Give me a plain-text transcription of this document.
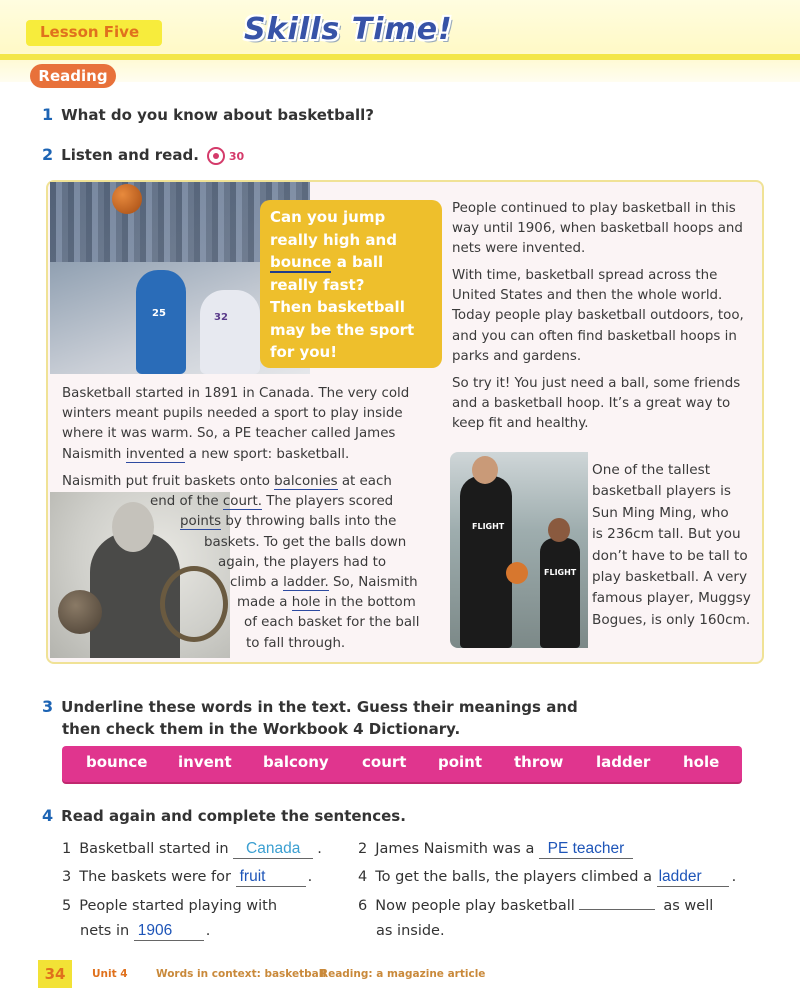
Lesson Five	Skills Time!
Reading
1 What do you know about basketball?
2 Listen and read.	30
25	32
Can you jump
really high and
bounce a ball
really fast?
Then basketball
may be the sport
for you!
Basketball started in 1891 in Canada. The very cold
winters meant pupils needed a sport to play inside
where it was warm. So, a PE teacher called James
Naismith invented a new sport: basketball.
Naismith put fruit baskets onto balconies at each
end of the court. The players scored
points by throwing balls into the
baskets. To get the balls down
again, the players had to
climb a ladder. So, Naismith
made a hole in the bottom
of each basket for the ball
to fall through.
People continued to play basketball in this
way until 1906, when basketball hoops and
nets were invented.
With time, basketball spread across the
United States and then the whole world.
Today people play basketball outdoors, too,
and you can often find basketball hoops in
parks and gardens.
So try it! You just need a ball, some friends
and a basketball hoop. It’s a great way to
keep fit and healthy.
FLIGHT
FLIGHT
One of the tallest
basketball players is
Sun Ming Ming, who
is 236cm tall. But you
don’t have to be tall to
play basketball. A very
famous player, Muggsy
Bogues, is only 160cm.
3 Underline these words in the text. Guess their meanings and
then check them in the Workbook 4 Dictionary.
bounce invent balcony court point throw ladder hole
4 Read again and complete the sentences.
1 Basketball started in Canada . 2 James Naismith was a PE teacher
3 The baskets were for fruit	.	4 To get the balls, the players climbed a ladder .
5 People started playing with
nets in 1906 .
6 Now people play basketball	as well
as inside.
34	Unit 4	Words in context: basketball
Reading: a magazine article
